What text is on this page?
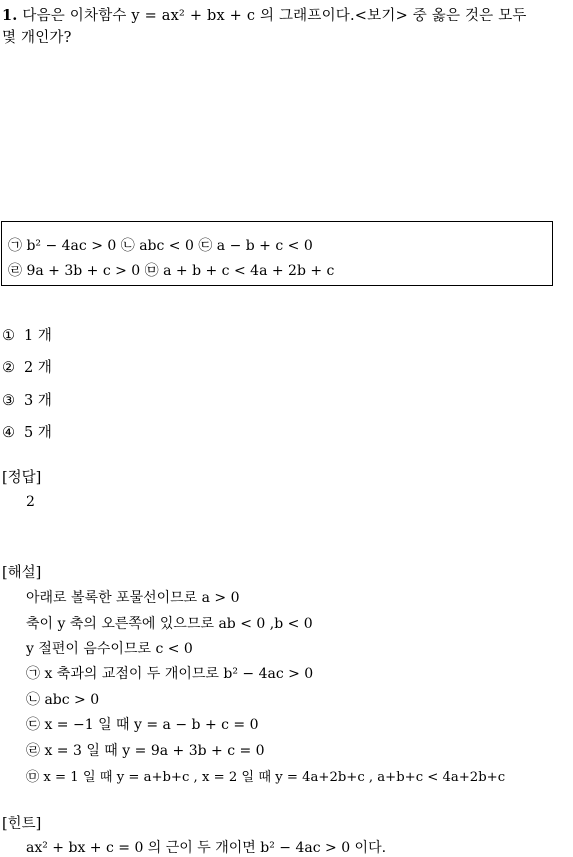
1. 다음은 이차함수 y = ax² + bx + c 의 그래프이다.<보기> 중 옳은 것은 모두
몇 개인가?
㉠ b² − 4ac > 0 ㉡ abc < 0 ㉢ a − b + c < 0
㉣ 9a + 3b + c > 0 ㉤ a + b + c < 4a + 2b + c
① 1 개
② 2 개
③ 3 개
④ 5 개
[정답]
2
[해설]
아래로 볼록한 포물선이므로 a > 0
축이 y 축의 오른쪽에 있으므로 ab < 0 ,b < 0
y 절편이 음수이므로 c < 0
㉠ x 축과의 교점이 두 개이므로 b² − 4ac > 0
㉡ abc > 0
㉢ x = −1 일 때 y = a − b + c = 0
㉣ x = 3 일 때 y = 9a + 3b + c = 0
㉤ x = 1 일 때 y = a+b+c , x = 2 일 때 y = 4a+2b+c , a+b+c < 4a+2b+c
[힌트]
ax² + bx + c = 0 의 근이 두 개이면 b² − 4ac > 0 이다.
